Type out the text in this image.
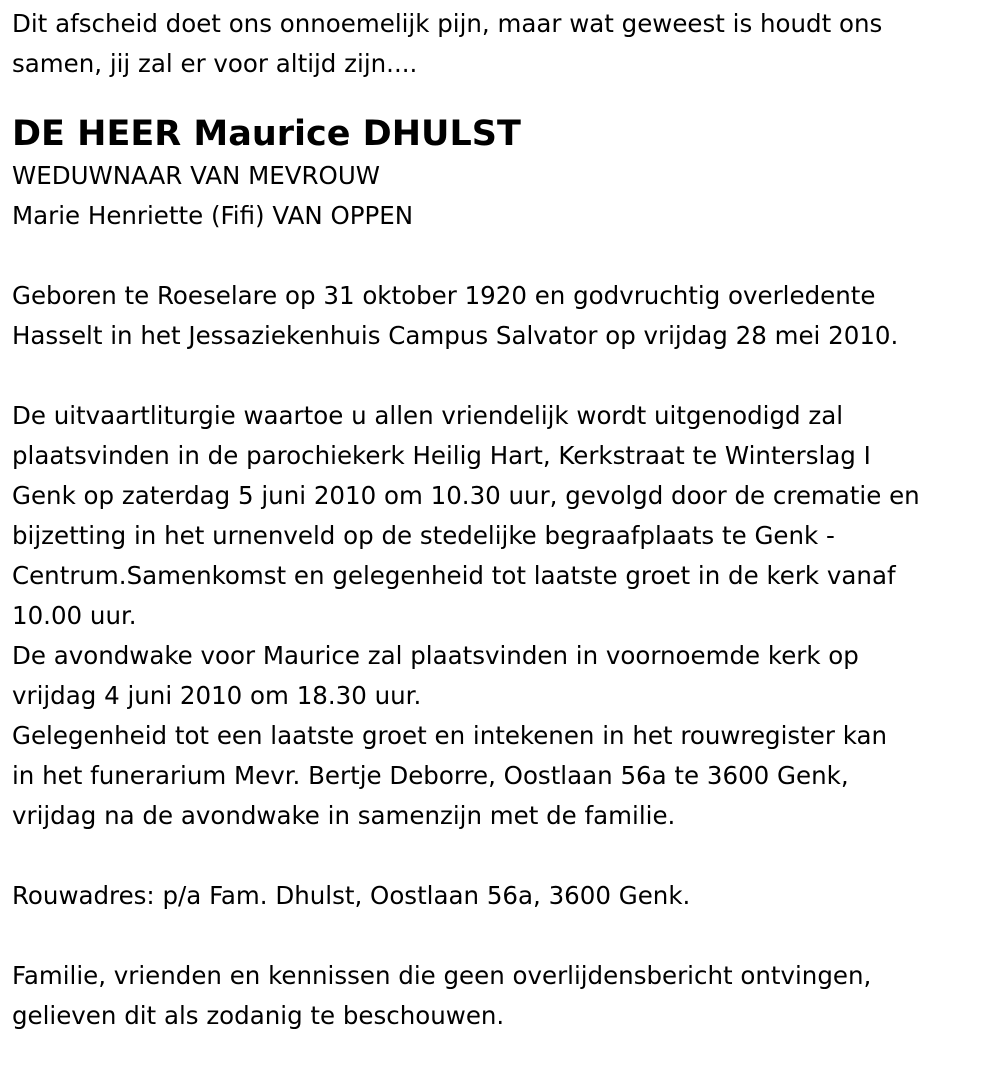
Dit afscheid doet ons onnoemelijk pijn, maar wat geweest is houdt ons
samen, jij zal er voor altijd zijn....
DE HEER Maurice DHULST
WEDUWNAAR VAN MEVROUW
Marie Henriette (Fifi) VAN OPPEN
Geboren te Roeselare op 31 oktober 1920 en godvruchtig overledente
Hasselt in het Jessaziekenhuis Campus Salvator op vrijdag 28 mei 2010.
De uitvaartliturgie waartoe u allen vriendelijk wordt uitgenodigd zal
plaatsvinden in de parochiekerk Heilig Hart, Kerkstraat te Winterslag I
Genk op zaterdag 5 juni 2010 om 10.30 uur, gevolgd door de crematie en
bijzetting in het urnenveld op de stedelijke begraafplaats te Genk -
Centrum.Samenkomst en gelegenheid tot laatste groet in de kerk vanaf
10.00 uur.
De avondwake voor Maurice zal plaatsvinden in voornoemde kerk op
vrijdag 4 juni 2010 om 18.30 uur.
Gelegenheid tot een laatste groet en intekenen in het rouwregister kan
in het funerarium Mevr. Bertje Deborre, Oostlaan 56a te 3600 Genk,
vrijdag na de avondwake in samenzijn met de familie.
Rouwadres: p/a Fam. Dhulst, Oostlaan 56a, 3600 Genk.
Familie, vrienden en kennissen die geen overlijdensbericht ontvingen,
gelieven dit als zodanig te beschouwen.
